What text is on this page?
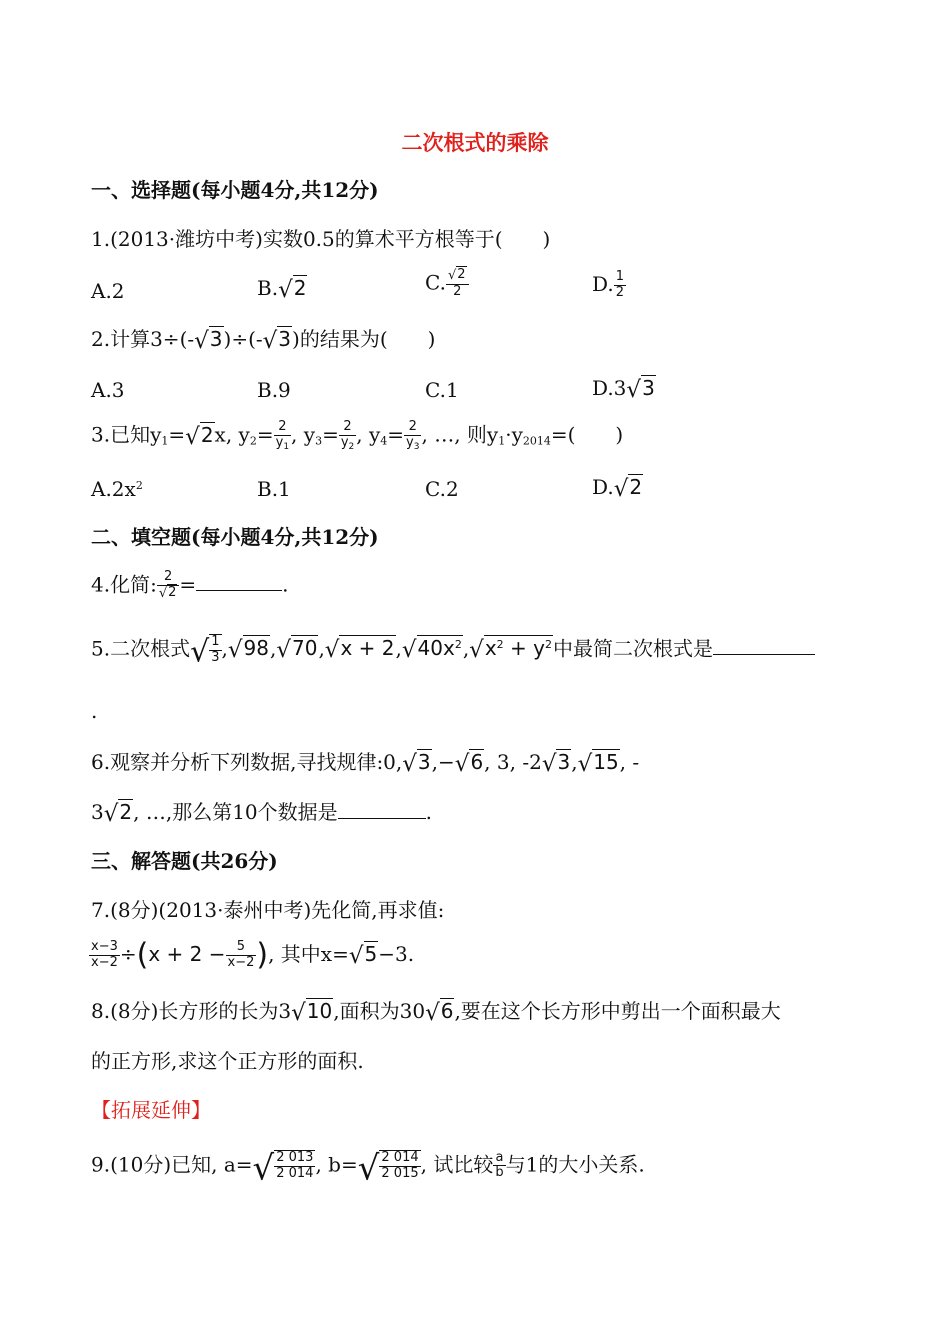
二次根式的乘除
一、选择题(每小题4分,共12分)
1.(2013·潍坊中考)实数0.5的算术平方根等于(　　)
A.2	B.√2	C. $\frac{√2}{2}$	D. $\frac{1}{2}$
2.计算3÷(-√3)÷(-√3)的结果为(　　)
A.3	B.9	C.1	D.3√3
3.已知$y_1=√2x$, $y_2= \frac{2}{y_1}$ , $y_3= \frac{2}{y_2}$ , $y_4= \frac{2}{y_3}$ , …, 则$y_1\cdot y_{2014}=$(　　)
$A.2x^2$	B.1	C.2	D.√2
二、填空题(每小题4分,共12分)
4.化简: $\frac{2}{√2}$ =	.
5.二次根式√ $\frac{1}{3} ,√98,√70,√x + 2,√40x^2,√x^2 + y^2$中最简二次根式是
.
6.观察并分析下列数据,寻找规律:0,√3,−√6, 3, -2√3,√15, -
3√2, …,那么第10个数据是	.
三、解答题(共26分)
7.(8分)(2013·泰州中考)先化简,再求值:
$\frac{x-3}{x-2} \div(x + 2 - \frac{5}{x-2}$ ), 其中x=√5−3.
8.(8分)长方形的长为3√10,面积为30√6,要在这个长方形中剪出一个面积最大
的正方形,求这个正方形的面积.
【拓展延伸】
9.(10分)已知, $a=√ \frac{2 013}{2 014}$ , $b=√ \frac{2 014}{2 015}$ , 试比较 $\frac{a}{b}$ 与1的大小关系.
